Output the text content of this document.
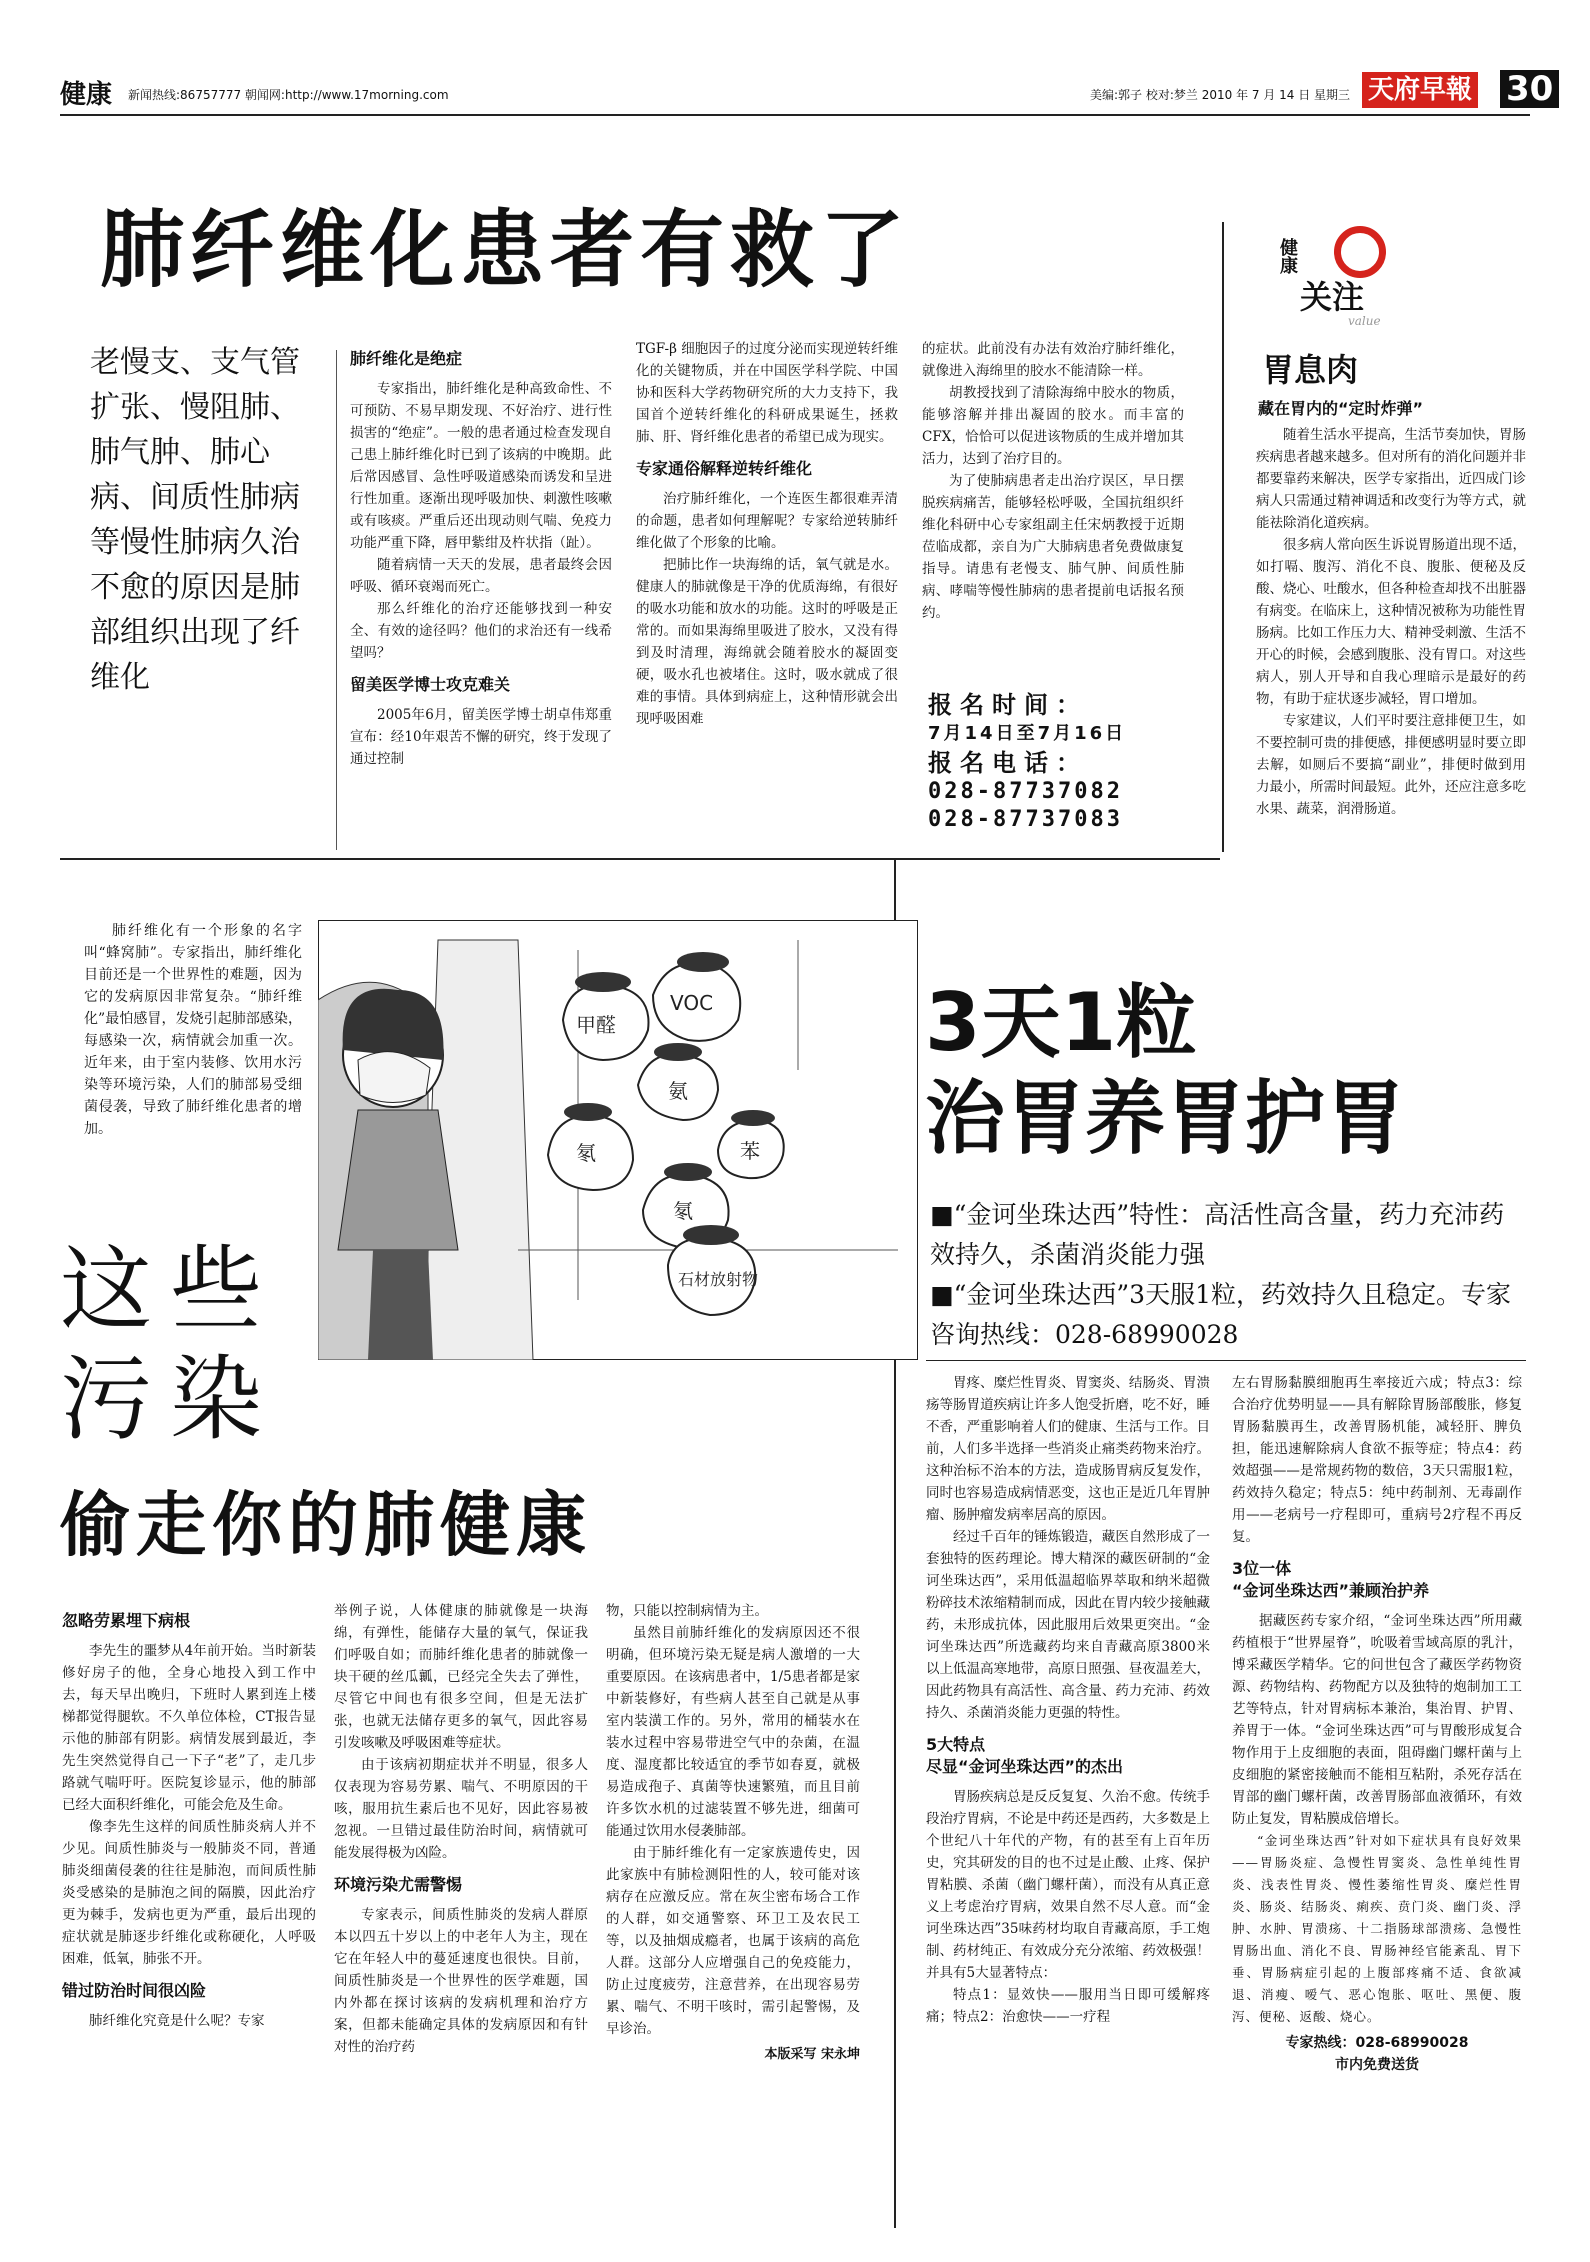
健康 新闻热线:86757777 朝闻网:http://www.17morning.com	美编:郭子 校对:梦兰 2010 年 7 月 14 日 星期三 天府早報 30
肺纤维化患者有救了
老慢支、支气管扩张、慢阻肺、肺气肿、肺心病、间质性肺病等慢性肺病久治不愈的原因是肺部组织出现了纤维化
肺纤维化是绝症

专家指出，肺纤维化是种高致命性、不可预防、不易早期发现、不好治疗、进行性损害的“绝症”。一般的患者通过检查发现自己患上肺纤维化时已到了该病的中晚期。此后常因感冒、急性呼吸道感染而诱发和呈进行性加重。逐渐出现呼吸加快、刺激性咳嗽或有咳痰。严重后还出现动则气喘、免疫力功能严重下降，唇甲紫绀及杵状指（趾）。

随着病情一天天的发展，患者最终会因呼吸、循环衰竭而死亡。

那么纤维化的治疗还能够找到一种安全、有效的途径吗？他们的求治还有一线希望吗？

留美医学博士攻克难关

2005年6月，留美医学博士胡卓伟郑重宣布：经10年艰苦不懈的研究，终于发现了通过控制

TGF-β 细胞因子的过度分泌而实现逆转纤维化的关键物质，并在中国医学科学院、中国协和医科大学药物研究所的大力支持下，我国首个逆转纤维化的科研成果诞生，拯救肺、肝、肾纤维化患者的希望已成为现实。

专家通俗解释逆转纤维化

治疗肺纤维化，一个连医生都很难弄清的命题，患者如何理解呢？专家给逆转肺纤维化做了个形象的比喻。

把肺比作一块海绵的话，氧气就是水。健康人的肺就像是干净的优质海绵，有很好的吸水功能和放水的功能。这时的呼吸是正常的。而如果海绵里吸进了胶水，又没有得到及时清理，海绵就会随着胶水的凝固变硬，吸水孔也被堵住。这时，吸水就成了很难的事情。具体到病症上，这种情形就会出现呼吸困难

的症状。此前没有办法有效治疗肺纤维化，就像进入海绵里的胶水不能清除一样。

胡教授找到了清除海绵中胶水的物质，能够溶解并排出凝固的胶水。而丰富的CFX，恰恰可以促进该物质的生成并增加其活力，达到了治疗目的。

为了使肺病患者走出治疗误区，早日摆脱疾病痛苦，能够轻松呼吸，全国抗组织纤维化科研中心专家组副主任宋炳教授于近期莅临成都，亲自为广大肺病患者免费做康复指导。请患有老慢支、肺气肿、间质性肺病、哮喘等慢性肺病的患者提前电话报名预约。

报名时间：
7月14日至7月16日
报名电话：
028-87737082
028-87737083
健康
关注
value
胃息肉
藏在胃内的“定时炸弹”

随着生活水平提高，生活节奏加快，胃肠疾病患者越来越多。但对所有的消化问题并非都要靠药来解决，医学专家指出，近四成门诊病人只需通过精神调适和改变行为等方式，就能祛除消化道疾病。

很多病人常向医生诉说胃肠道出现不适，如打嗝、腹泻、消化不良、腹胀、便秘及反酸、烧心、吐酸水，但各种检查却找不出脏器有病变。在临床上，这种情况被称为功能性胃肠病。比如工作压力大、精神受刺激、生活不开心的时候，会感到腹胀、没有胃口。对这些病人，别人开导和自我心理暗示是最好的药物，有助于症状逐步减轻，胃口增加。

专家建议，人们平时要注意排便卫生，如不要控制可贵的排便感，排便感明显时要立即去解，如厕后不要搞“副业”，排便时做到用力最小，所需时间最短。此外，还应注意多吃水果、蔬菜，润滑肠道。

肺纤维化有一个形象的名字叫“蜂窝肺”。专家指出，肺纤维化目前还是一个世界性的难题，因为它的发病原因非常复杂。“肺纤维化”最怕感冒，发烧引起肺部感染，每感染一次，病情就会加重一次。近年来，由于室内装修、饮用水污染等环境污染，人们的肺部易受细菌侵袭，导致了肺纤维化患者的增加。

甲醛
VOC
氡
氨
氡
苯
石材放射物
这些
污染
偷走你的肺健康
忽略劳累埋下病根

李先生的噩梦从4年前开始。当时新装修好房子的他，全身心地投入到工作中去，每天早出晚归，下班时人累到连上楼梯都觉得腿软。不久单位体检，CT报告显示他的肺部有阴影。病情发展到最近，李先生突然觉得自己一下子“老”了，走几步路就气喘吁吁。医院复诊显示，他的肺部已经大面积纤维化，可能会危及生命。

像李先生这样的间质性肺炎病人并不少见。间质性肺炎与一般肺炎不同，普通肺炎细菌侵袭的往往是肺泡，而间质性肺炎受感染的是肺泡之间的隔膜，因此治疗更为棘手，发病也更为严重，最后出现的症状就是肺逐步纤维化或称硬化，人呼吸困难，低氧，肺张不开。

错过防治时间很凶险

肺纤维化究竟是什么呢？专家

举例子说，人体健康的肺就像是一块海绵，有弹性，能储存大量的氧气，保证我们呼吸自如；而肺纤维化患者的肺就像一块干硬的丝瓜瓤，已经完全失去了弹性，尽管它中间也有很多空间，但是无法扩张，也就无法储存更多的氧气，因此容易引发咳嗽及呼吸困难等症状。

由于该病初期症状并不明显，很多人仅表现为容易劳累、喘气、不明原因的干咳，服用抗生素后也不见好，因此容易被忽视。一旦错过最佳防治时间，病情就可能发展得极为凶险。

环境污染尤需警惕

专家表示，间质性肺炎的发病人群原本以四五十岁以上的中老年人为主，现在它在年轻人中的蔓延速度也很快。目前，间质性肺炎是一个世界性的医学难题，国内外都在探讨该病的发病机理和治疗方案，但都未能确定具体的发病原因和有针对性的治疗药

物，只能以控制病情为主。

虽然目前肺纤维化的发病原因还不很明确，但环境污染无疑是病人激增的一大重要原因。在该病患者中，1/5患者都是家中新装修好，有些病人甚至自己就是从事室内装潢工作的。另外，常用的桶装水在装水过程中容易带进空气中的杂菌，在温度、湿度都比较适宜的季节如春夏，就极易造成孢子、真菌等快速繁殖，而且目前许多饮水机的过滤装置不够先进，细菌可能通过饮用水侵袭肺部。

由于肺纤维化有一定家族遗传史，因此家族中有肺检测阳性的人，较可能对该病存在应激反应。常在灰尘密布场合工作的人群，如交通警察、环卫工及农民工等，以及抽烟成瘾者，也属于该病的高危人群。这部分人应增强自己的免疫能力，防止过度疲劳，注意营养，在出现容易劳累、喘气、不明干咳时，需引起警惕，及早诊治。

本版采写 宋永坤
3天1粒
治胃养胃护胃
■“金诃坐珠达西”特性：高活性高含量，药力充沛药效持久，杀菌消炎能力强
■“金诃坐珠达西”3天服1粒，药效持久且稳定。专家咨询热线：028-68990028

胃疼、糜烂性胃炎、胃窦炎、结肠炎、胃溃疡等肠胃道疾病让许多人饱受折磨，吃不好，睡不香，严重影响着人们的健康、生活与工作。目前，人们多半选择一些消炎止痛类药物来治疗。这种治标不治本的方法，造成肠胃病反复发作，同时也容易造成病情恶变，这也正是近几年胃肿瘤、肠肿瘤发病率居高的原因。

经过千百年的锤炼锻造，藏医自然形成了一套独特的医药理论。博大精深的藏医研制的“金诃坐珠达西”，采用低温超临界萃取和纳米超微粉碎技术浓缩精制而成，因此在胃内较少接触藏药，未形成抗体，因此服用后效果更突出。“金诃坐珠达西”所选藏药均来自青藏高原3800米以上低温高寒地带，高原日照强、昼夜温差大，因此药物具有高活性、高含量、药力充沛、药效持久、杀菌消炎能力更强的特性。

5大特点
尽显“金诃坐珠达西”的杰出

胃肠疾病总是反反复复、久治不愈。传统手段治疗胃病，不论是中药还是西药，大多数是上个世纪八十年代的产物，有的甚至有上百年历史，究其研发的目的也不过是止酸、止疼、保护胃粘膜、杀菌（幽门螺杆菌），而没有从真正意义上考虑治疗胃病，效果自然不尽人意。而“金诃坐珠达西”35味药材均取自青藏高原，手工炮制、药材纯正、有效成分充分浓缩、药效极强！并具有5大显著特点：

特点1：显效快——服用当日即可缓解疼痛；特点2：治愈快——一疗程

左右胃肠黏膜细胞再生率接近六成；特点3：综合治疗优势明显——具有解除胃肠部酸胀，修复胃肠黏膜再生，改善胃肠机能，减轻肝、脾负担，能迅速解除病人食欲不振等症；特点4：药效超强——是常规药物的数倍，3天只需服1粒，药效持久稳定；特点5：纯中药制剂、无毒副作用——老病号一疗程即可，重病号2疗程不再反复。

3位一体
“金诃坐珠达西”兼顾治护养

据藏医药专家介绍，“金诃坐珠达西”所用藏药植根于“世界屋脊”，吮吸着雪域高原的乳汁，博采藏医学精华。它的问世包含了藏医学药物资源、药物结构、药物配方以及独特的炮制加工工艺等特点，针对胃病标本兼治，集治胃、护胃、养胃于一体。“金诃坐珠达西”可与胃酸形成复合物作用于上皮细胞的表面，阻碍幽门螺杆菌与上皮细胞的紧密接触而不能相互粘附，杀死存活在胃部的幽门螺杆菌，改善胃肠部血液循环，有效防止复发，胃粘膜成倍增长。

“金诃坐珠达西”针对如下症状具有良好效果——胃肠炎症、急慢性胃窦炎、急性单纯性胃炎、浅表性胃炎、慢性萎缩性胃炎、糜烂性胃炎、肠炎、结肠炎、痢疾、贲门炎、幽门炎、浮肿、水肿、胃溃疡、十二指肠球部溃疡、急慢性胃肠出血、消化不良、胃肠神经官能紊乱、胃下垂、胃肠病症引起的上腹部疼痛不适、食欲减退、消瘦、嗳气、恶心饱胀、呕吐、黑便、腹泻、便秘、返酸、烧心。

专家热线：028-68990028
市内免费送货
